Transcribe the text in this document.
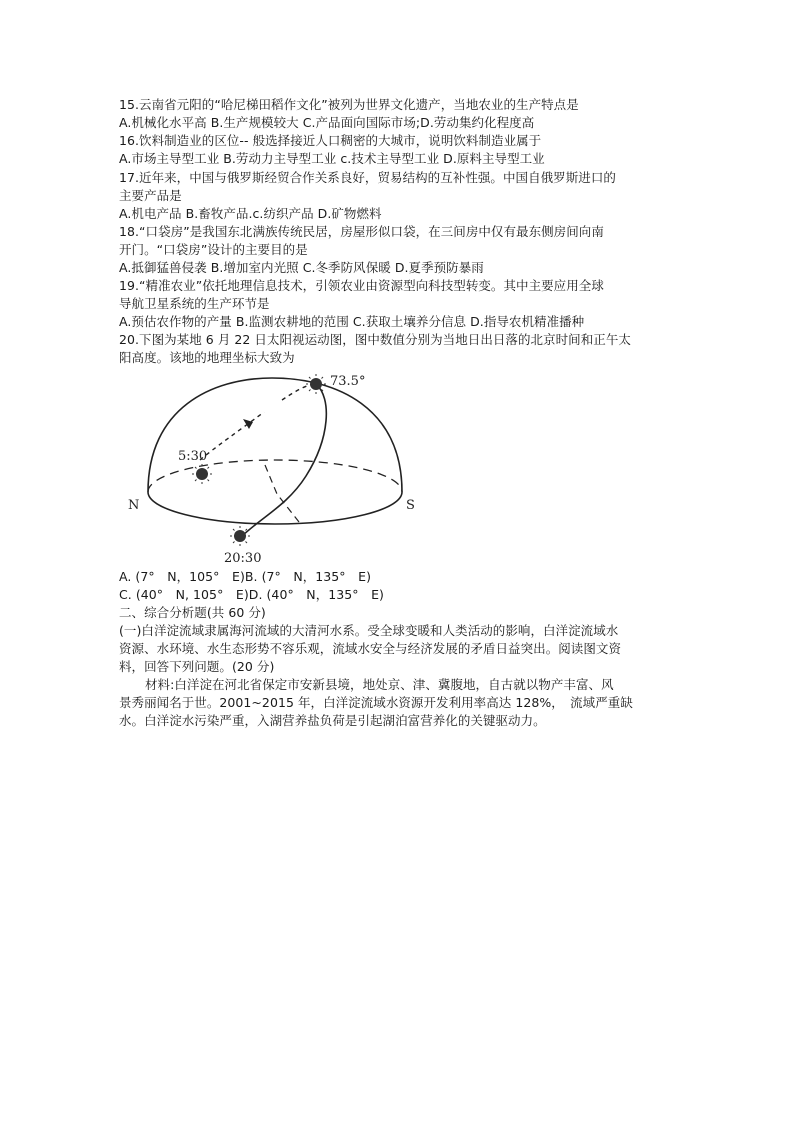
15.云南省元阳的“哈尼梯田稻作文化”被列为世界文化遗产，当地农业的生产特点是
A.机械化水平高 B.生产规模较大 C.产品面向国际市场;D.劳动集约化程度高
16.饮料制造业的区位-- 般选择接近人口稠密的大城市，说明饮料制造业属于
A.市场主导型工业 B.劳动力主导型工业 c.技术主导型工业 D.原料主导型工业
17.近年来，中国与俄罗斯经贸合作关系良好，贸易结构的互补性强。中国自俄罗斯进口的
主要产品是
A.机电产品 B.畜牧产品.c.纺织产品 D.矿物燃料
18.“口袋房”是我国东北满族传统民居，房屋形似口袋，在三间房中仅有最东侧房间向南
开门。“口袋房”设计的主要目的是
A.抵御猛兽侵袭 B.增加室内光照 C.冬季防风保暖 D.夏季预防暴雨
19.“精准农业”依托地理信息技术，引领农业由资源型向科技型转变。其中主要应用全球
导航卫星系统的生产环节是
A.预估农作物的产量 B.监测农耕地的范围 C.获取土壤养分信息 D.指导农机精准播种
20.下图为某地 6 月 22 日太阳视运动图，图中数值分别为当地日出日落的北京时间和正午太
阳高度。该地的地理坐标大致为
73.5°
5:30
20:30
N	S
A. (7°　N，105°　E)B. (7°　N，135°　E)
C. (40°　N, 105°　E)D. (40°　N，135°　E)
二、综合分析题(共 60 分)
(一)白洋淀流域隶属海河流域的大清河水系。受全球变暖和人类活动的影响，白洋淀流域水
资源、水环境、水生态形势不容乐观，流域水安全与经济发展的矛盾日益突出。阅读图文资
料，回答下列问题。(20 分)
材料:白洋淀在河北省保定市安新县境，地处京、津、冀腹地，自古就以物产丰富、风
景秀丽闻名于世。2001~2015 年，白洋淀流域水资源开发利用率高达 128%，　流域严重缺
水。白洋淀水污染严重，入湖营养盐负荷是引起湖泊富营养化的关键驱动力。
